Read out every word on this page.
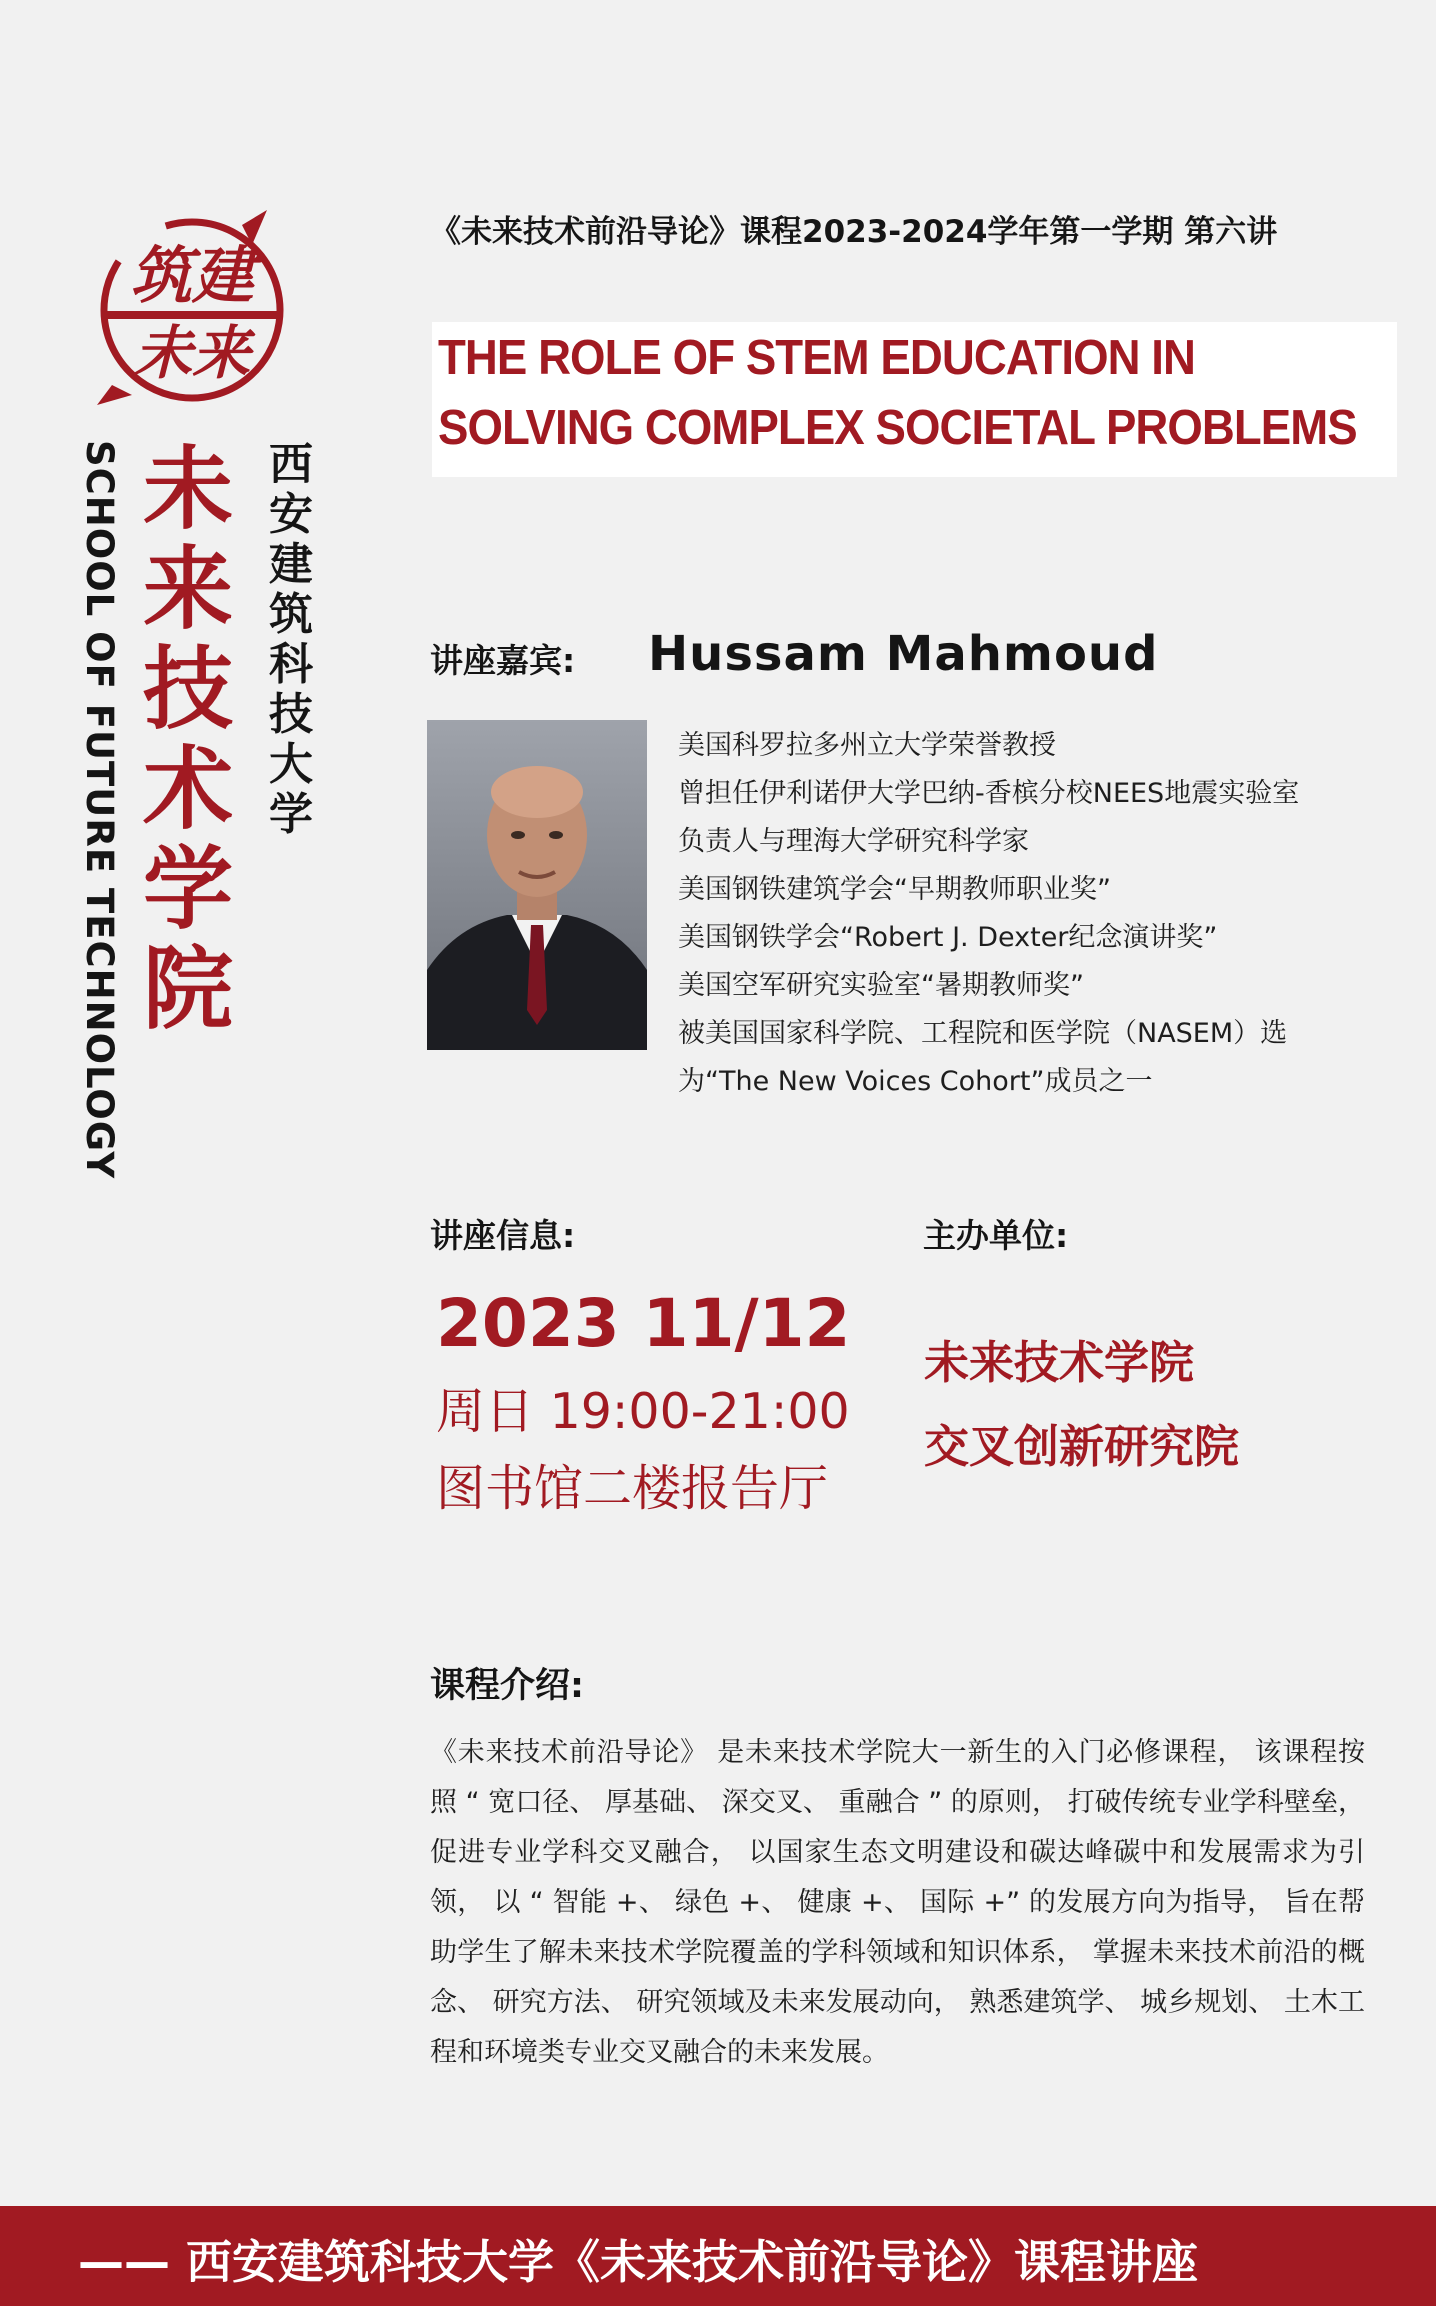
筑建
未来
西安建筑科技大学
未来技术学院
SCHOOL OF FUTURE TECHNOLOGY
《未来技术前沿导论》课程2023-2024学年第一学期 第六讲
THE ROLE OF STEM EDUCATION IN
SOLVING COMPLEX SOCIETAL PROBLEMS
讲座嘉宾: Hussam Mahmoud
美国科罗拉多州立大学荣誉教授
曾担任伊利诺伊大学巴纳-香槟分校NEES地震实验室
负责人与理海大学研究科学家
美国钢铁建筑学会“早期教师职业奖”
美国钢铁学会“Robert J. Dexter纪念演讲奖”
美国空军研究实验室“暑期教师奖”
被美国国家科学院、工程院和医学院（NASEM）选
为“The New Voices Cohort”成员之一
讲座信息:
2023 11/12
周日 19:00-21:00
图书馆二楼报告厅
主办单位:
未来技术学院
交叉创新研究院
课程介绍:
《未来技术前沿导论》 是未来技术学院大一新生的入门必修课程， 该课程按照 “ 宽口径、 厚基础、 深交叉、 重融合 ” 的原则， 打破传统专业学科壁垒， 促进专业学科交叉融合， 以国家生态文明建设和碳达峰碳中和发展需求为引领， 以 “ 智能 +、 绿色 +、 健康 +、 国际 +” 的发展方向为指导， 旨在帮助学生了解未来技术学院覆盖的学科领域和知识体系， 掌握未来技术前沿的概念、 研究方法、 研究领域及未来发展动向， 熟悉建筑学、 城乡规划、 土木工程和环境类专业交叉融合的未来发展。
—— 西安建筑科技大学《未来技术前沿导论》课程讲座
